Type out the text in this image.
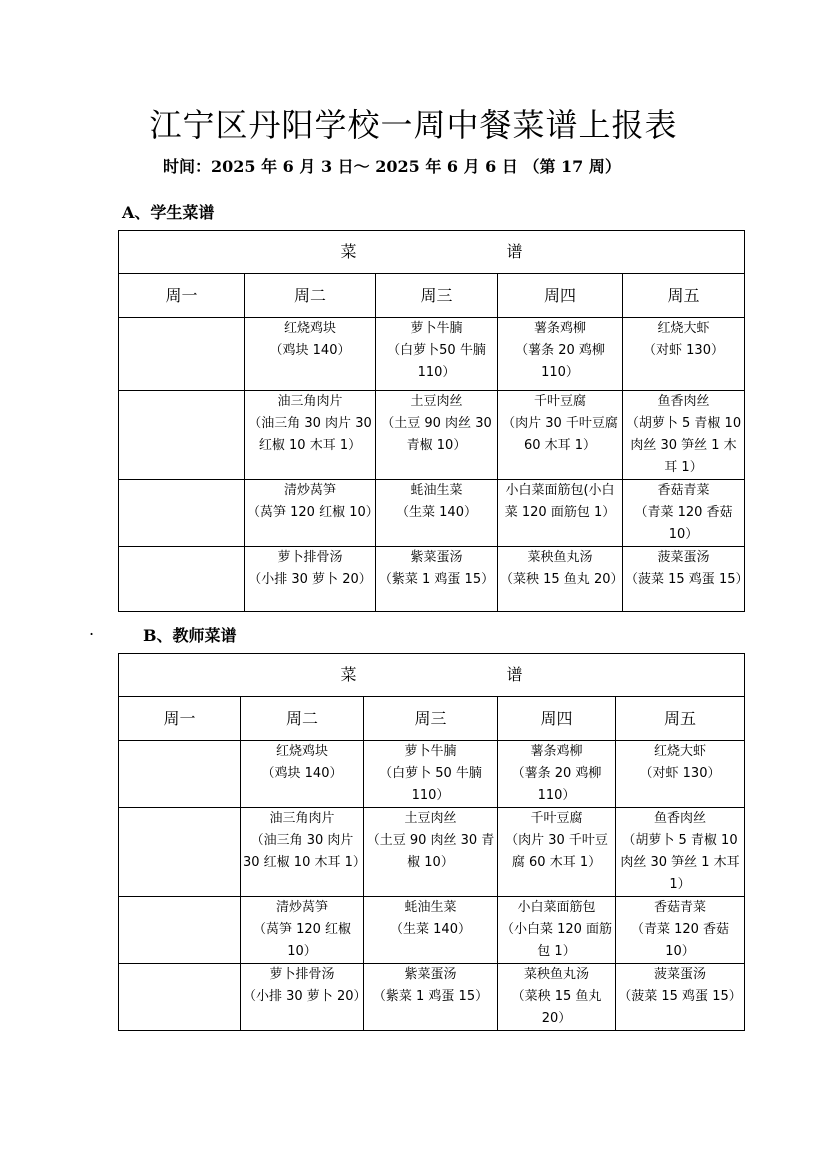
江宁区丹阳学校一周中餐菜谱上报表
时间：2025 年 6 月 3 日～ 2025 年 6 月 6 日 （第 17 周）
A、学生菜谱
菜 谱				
周一	周二	周三	周四	周五

	红烧鸡块
（鸡块 140）	萝卜牛腩
（白萝卜50 牛腩 110）	薯条鸡柳
（薯条 20 鸡柳 110）	红烧大虾
（对虾 130）

	油三角肉片
（油三角 30 肉片 30 红椒 10 木耳 1）	土豆肉丝
（土豆 90 肉丝 30 青椒 10）	千叶豆腐
（肉片 30 千叶豆腐 60 木耳 1）	鱼香肉丝
（胡萝卜 5 青椒 10 肉丝 30 笋丝 1 木耳 1）

	清炒莴笋
（莴笋 120 红椒 10）	蚝油生菜
（生菜 140）	小白菜面筋包(小白菜 120 面筋包 1）	香菇青菜
（青菜 120 香菇 10）

	萝卜排骨汤
（小排 30 萝卜 20）	紫菜蛋汤
（紫菜 1 鸡蛋 15）	菜秧鱼丸汤
（菜秧 15 鱼丸 20）	菠菜蛋汤
（菠菜 15 鸡蛋 15）
.	B、教师菜谱
菜 谱				
周一	周二	周三	周四	周五

	红烧鸡块
（鸡块 140）	萝卜牛腩
（白萝卜 50 牛腩 110）	薯条鸡柳
（薯条 20 鸡柳 110）	红烧大虾
（对虾 130）

	油三角肉片
（油三角 30 肉片 30 红椒 10 木耳 1）	土豆肉丝
（土豆 90 肉丝 30 青椒 10）	千叶豆腐
（肉片 30 千叶豆腐 60 木耳 1）	鱼香肉丝
（胡萝卜 5 青椒 10 肉丝 30 笋丝 1 木耳 1）

	清炒莴笋
（莴笋 120 红椒 10）	蚝油生菜
（生菜 140）	小白菜面筋包
（小白菜 120 面筋包 1）	香菇青菜
（青菜 120 香菇 10）

	萝卜排骨汤
（小排 30 萝卜 20）	紫菜蛋汤
（紫菜 1 鸡蛋 15）	菜秧鱼丸汤
（菜秧 15 鱼丸 20）	菠菜蛋汤
（菠菜 15 鸡蛋 15）
